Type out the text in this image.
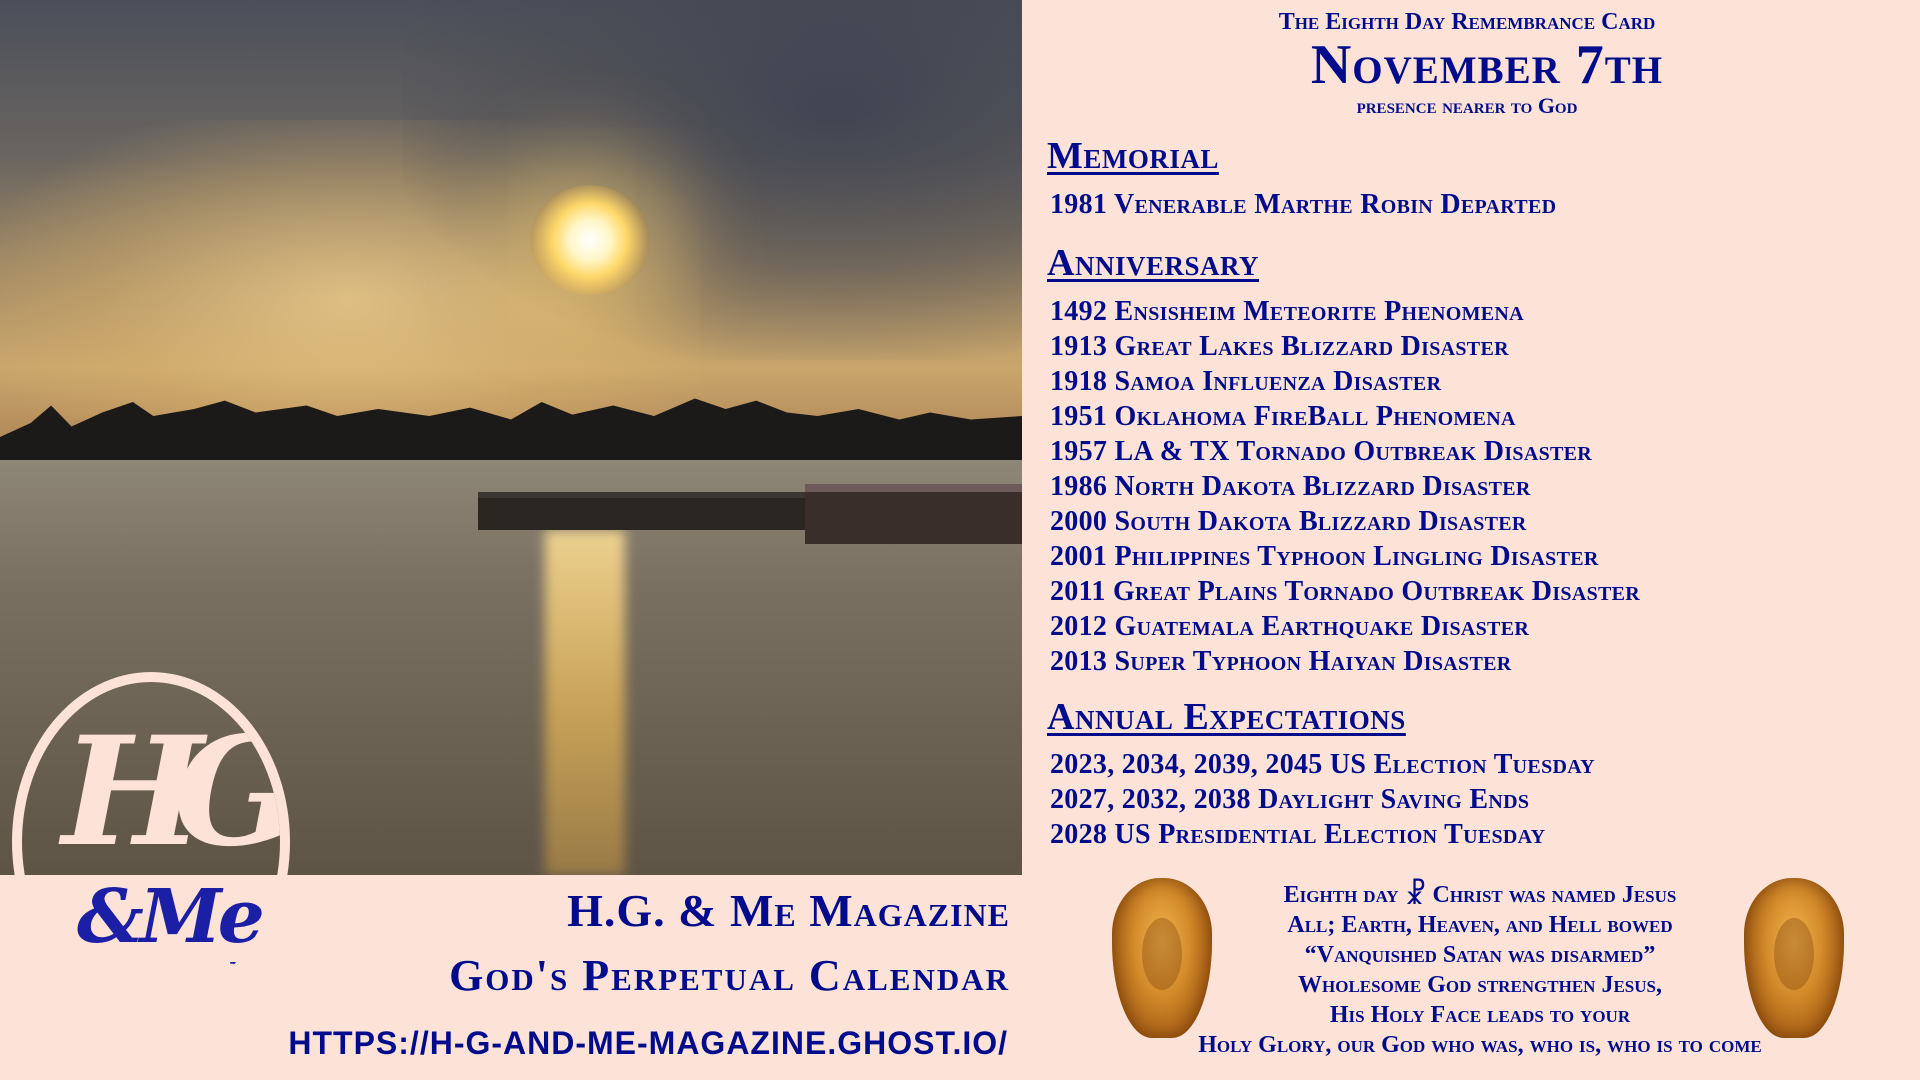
HG
&Me
TM
H.G. & Me Magazine
God's Perpetual Calendar
HTTPS://H-G-AND-ME-MAGAZINE.GHOST.IO/
The Eighth Day Remembrance Card
November 7th
presence nearer to God
Memorial
1981 Venerable Marthe Robin Departed
Anniversary
1492 Ensisheim Meteorite Phenomena
1913 Great Lakes Blizzard Disaster
1918 Samoa Influenza Disaster
1951 Oklahoma FireBall Phenomena
1957 LA & TX Tornado Outbreak Disaster
1986 North Dakota Blizzard Disaster
2000 South Dakota Blizzard Disaster
2001 Philippines Typhoon Lingling Disaster
2011 Great Plains Tornado Outbreak Disaster
2012 Guatemala Earthquake Disaster
2013 Super Typhoon Haiyan Disaster
Annual Expectations
2023, 2034, 2039, 2045 US Election Tuesday
2027, 2032, 2038 Daylight Saving Ends
2028 US Presidential Election Tuesday
Eighth day ☧ Christ was named Jesus
All; Earth, Heaven, and Hell bowed
“Vanquished Satan was disarmed”
Wholesome God strengthen Jesus,
His Holy Face leads to your
Holy Glory, our God who was, who is, who is to come
